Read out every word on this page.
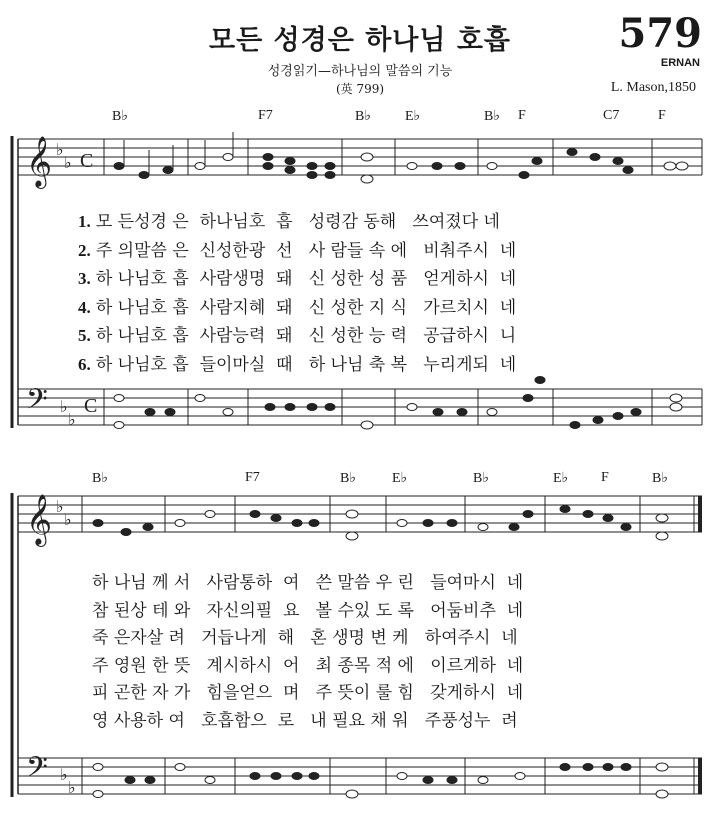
모든 성경은 하나님 호흡	579
ERNAN
성경읽기—하나님의 말씀의 기능
(英 799)	L. Mason,1850
B♭	F7	B♭ E♭	B♭ F	C7	F
1. 모 든성경 은  하나님호  흡   성령감 동해   쓰여졌다 네
2. 주 의말씀 은  신성한광  선   사 람들 속 에   비춰주시  네
3. 하 나님호 흡  사람생명  돼   신 성한 성 품   얻게하시  네
4. 하 나님호 흡  사람지혜  돼   신 성한 지 식   가르치시  네
5. 하 나님호 흡  사람능력  돼   신 성한 능 력   공급하시  니
6. 하 나님호 흡  들이마실  때   하 나님 축 복   누리게되  네
B♭	F7	B♭	E♭	B♭	E♭ F	B♭
하 나님 께 서   사람통하  여   쓴 말씀 우 린   들여마시  네
참 된상 테 와   자신의필  요   볼 수있 도 록   어둠비추  네
죽 은자살 려   거듭나게  해   혼 생명 변 케   하여주시  네
주 영원 한 뜻   계시하시  어   최 종목 적 에   이르게하  네
피 곤한 자 가   힘을얻으  며   주 뜻이 룰 힘   갖게하시  네
영 사용하 여   호흡함으  로   내 필요 채 워   주풍성누  려
𝄞
𝄢
♭
♭
♭
♭
C
C
𝄞
𝄢
♭
♭
♭
♭
